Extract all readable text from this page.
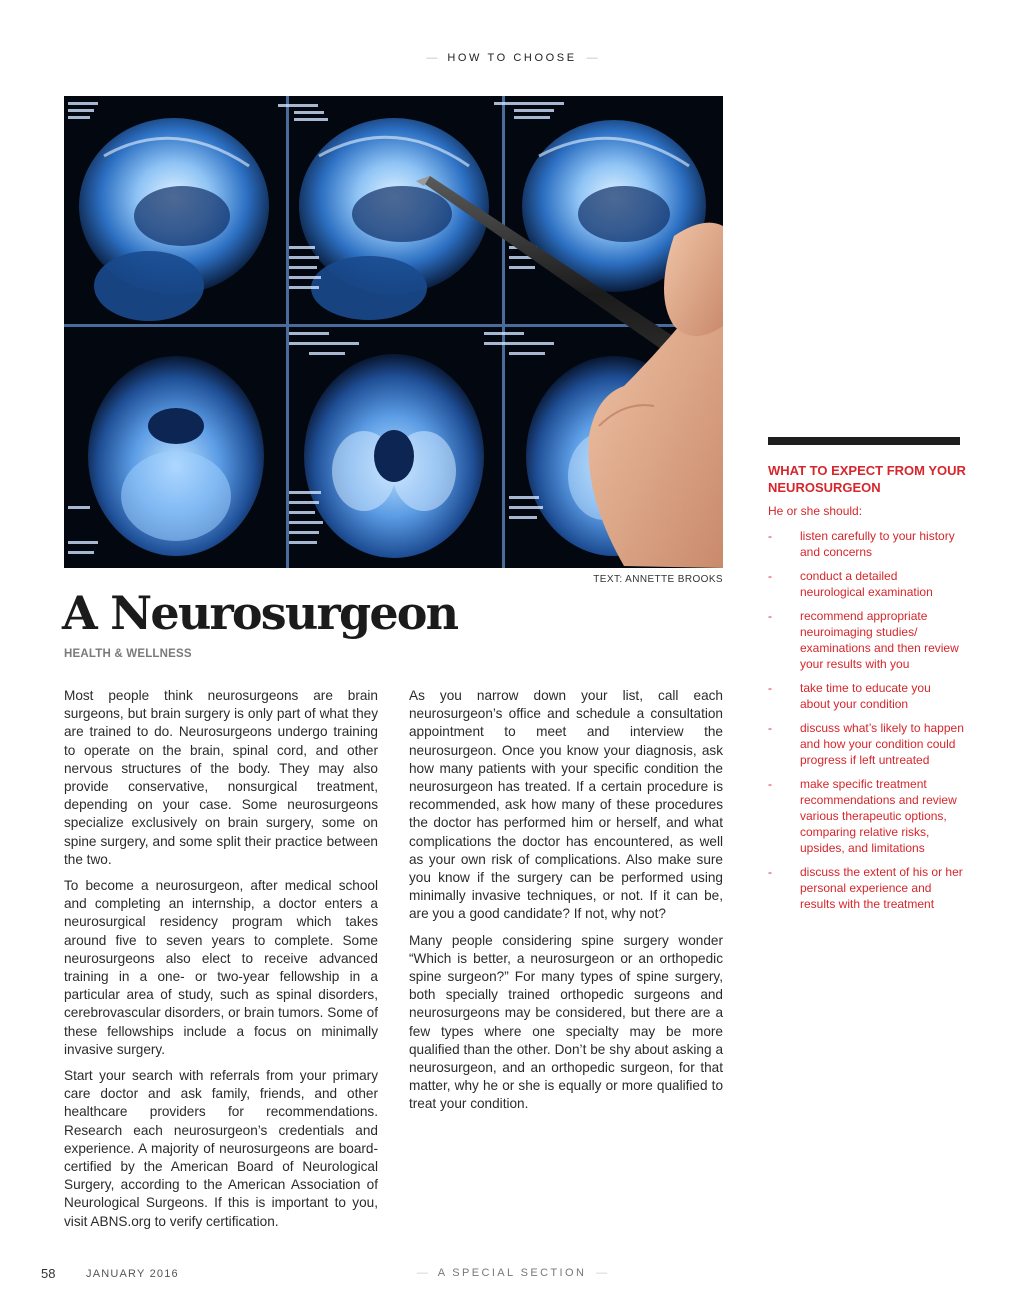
— HOW TO CHOOSE —
TEXT: ANNETTE BROOKS
A Neurosurgeon
HEALTH & WELLNESS

Most people think neurosurgeons are brain surgeons, but brain surgery is only part of what they are trained to do. Neurosurgeons undergo training to operate on the brain, spinal cord, and other nervous structures of the body. They may also provide conservative, nonsurgical treatment, depending on your case. Some neurosurgeons specialize exclusively on brain surgery, some on spine surgery, and some split their practice between the two.

To become a neurosurgeon, after medical school and completing an internship, a doctor enters a neurosurgical residency program which takes around five to seven years to complete. Some neurosurgeons also elect to receive advanced training in a one- or two-year fellowship in a particular area of study, such as spinal disorders, cerebrovascular disorders, or brain tumors. Some of these fellowships include a focus on minimally invasive surgery.

Start your search with referrals from your primary care doctor and ask family, friends, and other healthcare providers for recommendations. Research each neurosurgeon’s credentials and experience. A majority of neurosurgeons are board-certified by the American Board of Neurological Surgery, according to the American Association of Neurological Surgeons. If this is important to you, visit ABNS.org to verify certification.

As you narrow down your list, call each neurosurgeon’s office and schedule a consultation appointment to meet and interview the neurosurgeon. Once you know your diagnosis, ask how many patients with your specific condition the neurosurgeon has treated. If a certain procedure is recommended, ask how many of these procedures the doctor has performed him or herself, and what complications the doctor has encountered, as well as your own risk of complications. Also make sure you know if the surgery can be performed using minimally invasive techniques, or not. If it can be, are you a good candidate? If not, why not?

Many people considering spine surgery wonder “Which is better, a neurosurgeon or an orthopedic spine surgeon?” For many types of spine surgery, both specially trained orthopedic surgeons and neurosurgeons may be considered, but there are a few types where one specialty may be more qualified than the other. Don’t be shy about asking a neurosurgeon, and an orthopedic surgeon, for that matter, why he or she is equally or more qualified to treat your condition.

WHAT TO EXPECT FROM YOUR NEUROSURGEON
He or she should:
- listen carefully to your history and concerns
- conduct a detailed neurological examination
- recommend appropriate neuroimaging studies/ examinations and then review your results with you
- take time to educate you about your condition
- discuss what’s likely to happen and how your condition could progress if left untreated
- make specific treatment recommendations and review various therapeutic options, comparing relative risks, upsides, and limitations
- discuss the extent of his or her personal experience and results with the treatment
58	JANUARY 2016	— A SPECIAL SECTION —
